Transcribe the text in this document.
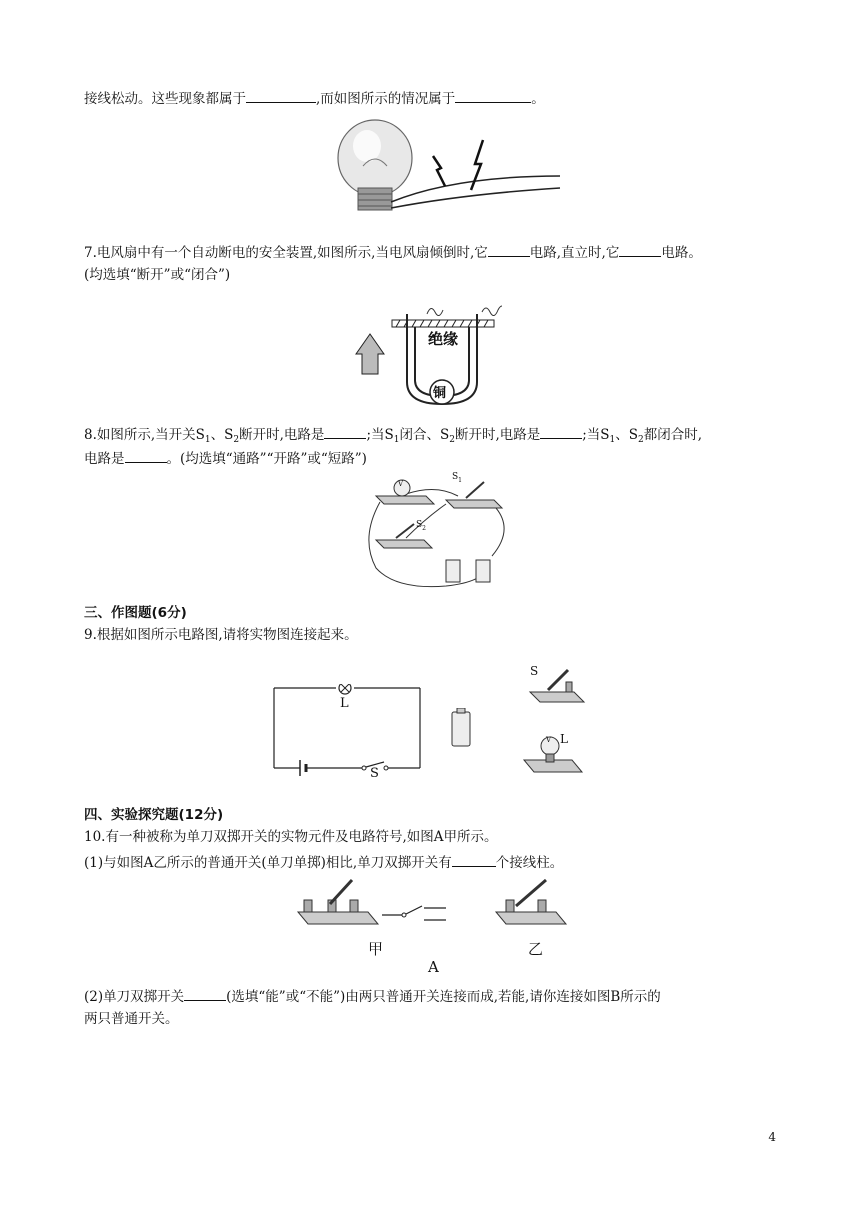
接线松动。这些现象都属于	,而如图所示的情况属于	。
7.电风扇中有一个自动断电的安全装置,如图所示,当电风扇倾倒时,它	电路,直立时,它	电路。
(均选填“断开”或“闭合”)
绝缘
铜
8.如图所示,当开关$S_1$、$S_2$断开时,电路是	;当$S_1$闭合、$S_2$断开时,电路是	;当$S_1$、$S_2$都闭合时,
电路是	。(均选填“通路”“开路”或“短路”)
V
$S_1$
$S_2$
三、作图题(6分)
9.根据如图所示电路图,请将实物图连接起来。
L
S
S
V L
四、实验探究题(12分)
10.有一种被称为单刀双掷开关的实物元件及电路符号,如图A甲所示。
(1)与如图A乙所示的普通开关(单刀单掷)相比,单刀双掷开关有	个接线柱。
甲	乙
A
(2)单刀双掷开关	(选填“能”或“不能”)由两只普通开关连接而成,若能,请你连接如图B所示的
两只普通开关。
4
